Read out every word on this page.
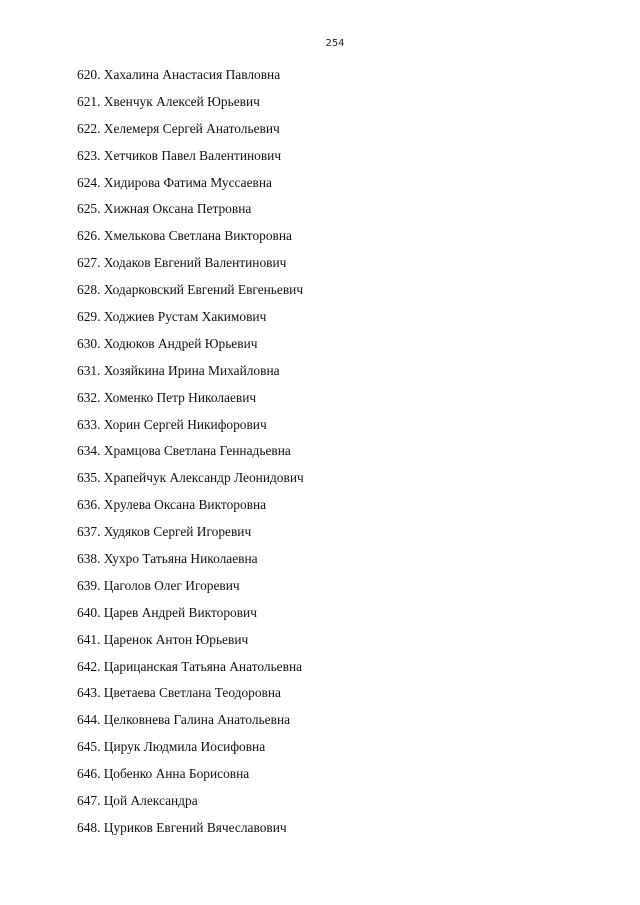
254
620. Хахалина Анастасия Павловна
621. Хвенчук Алексей Юрьевич
622. Хелемеря Сергей Анатольевич
623. Хетчиков Павел Валентинович
624. Хидирова Фатима Муссаевна
625. Хижная Оксана Петровна
626. Хмелькова Светлана Викторовна
627. Ходаков Евгений Валентинович
628. Ходарковский Евгений Евгеньевич
629. Ходжиев Рустам Хакимович
630. Ходюков Андрей Юрьевич
631. Хозяйкина Ирина Михайловна
632. Хоменко Петр Николаевич
633. Хорин Сергей Никифорович
634. Храмцова Светлана Геннадьевна
635. Храпейчук Александр Леонидович
636. Хрулева Оксана Викторовна
637. Худяков Сергей Игоревич
638. Хухро Татьяна Николаевна
639. Цаголов Олег Игоревич
640. Царев Андрей Викторович
641. Царенок Антон Юрьевич
642. Царицанская Татьяна Анатольевна
643. Цветаева Светлана Теодоровна
644. Целковнева Галина Анатольевна
645. Цирук Людмила Иосифовна
646. Цобенко Анна Борисовна
647. Цой Александра
648. Цуриков Евгений Вячеславович
